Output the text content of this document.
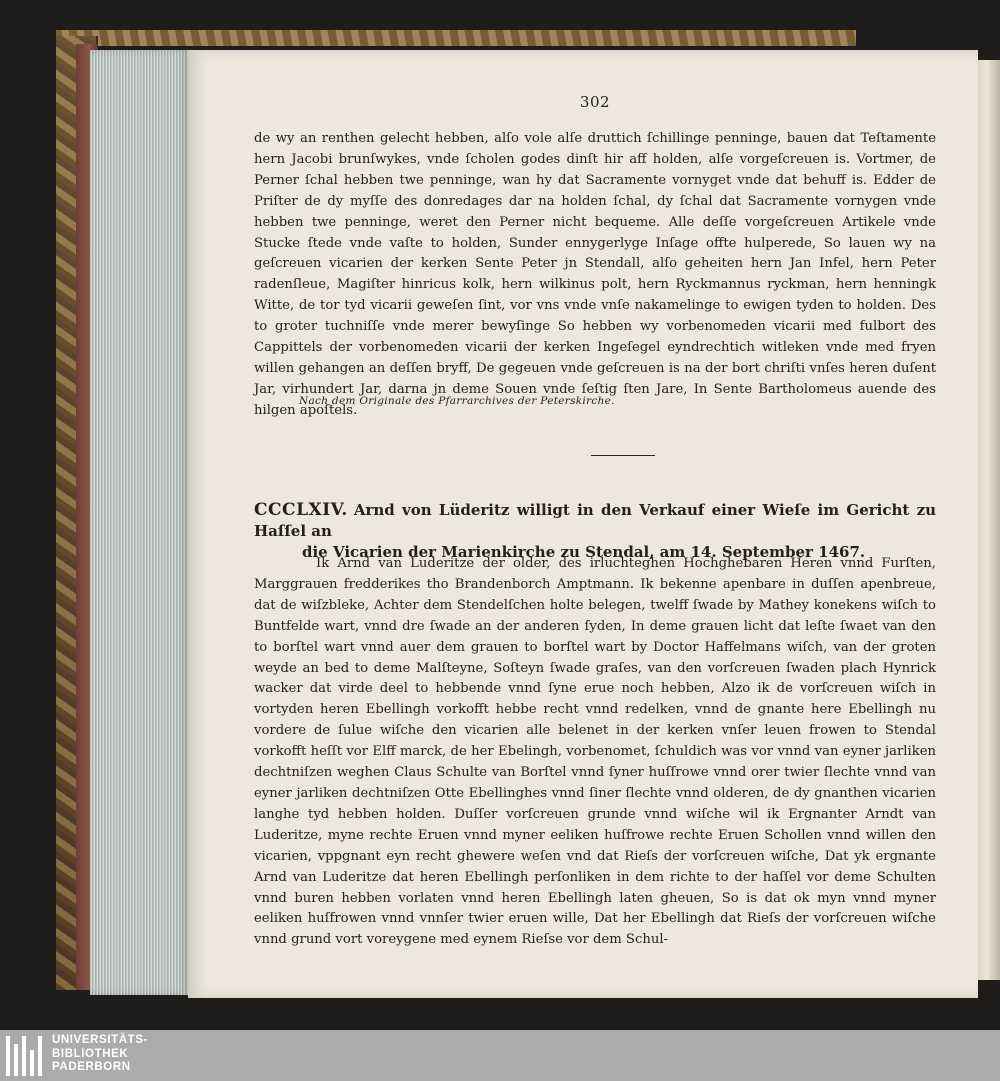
302
de wy an renthen gelecht hebben, alſo vole alſe druttich ſchillinge penninge, bauen dat Teſtamente hern Jacobi brunſwykes, vnde ſcholen godes dinſt hir aff holden, alſe vorgeſcreuen is. Vortmer, de Perner ſchal hebben twe penninge, wan hy dat Sacramente vornyget vnde dat behuff is. Edder de Priſter de dy myſſe des donredages dar na holden ſchal, dy ſchal dat Sacramente vornygen vnde hebben twe penninge, weret den Perner nicht bequeme. Alle deſſe vorgeſcreuen Artikele vnde Stucke ſtede vnde vaſte to holden, Sunder ennygerlyge Inſage offte hulperede, So lauen wy na geſcreuen vicarien der kerken Sente Peter jn Stendall, alſo geheiten hern Jan Infel, hern Peter radenſleue, Magiſter hinricus kolk, hern wilkinus polt, hern Ryckmannus ryckman, hern henningk Witte, de tor tyd vicarii geweſen ſint, vor vns vnde vnſe nakamelinge to ewigen tyden to holden. Des to groter tuchniſſe vnde merer bewyſinge So hebben wy vorbenomeden vicarii med fulbort des Cappittels der vorbenomeden vicarii der kerken Ingeſegel eyndrechtich witleken vnde med fryen willen gehangen an deſſen bryff, De gegeuen vnde geſcreuen is na der bort chriſti vnſes heren duſent Jar, virhundert Jar, darna jn deme Souen vnde ſeſtig ſten Jare, In Sente Bartholomeus auende des hilgen apoſtels.
Nach dem Originale des Pfarrarchives der Peterskirche.
CCCLXIV. Arnd von Lüderitz willigt in den Verkauf einer Wieſe im Gericht zu Haſſel an
die Vicarien der Marienkirche zu Stendal, am 14. September 1467.
Ik Arnd van Luderitze der older, des irluchteghen Hochghebaren Heren vnnd Furſten, Marggrauen fredderikes tho Brandenborch Amptmann. Ik bekenne apenbare in duſſen apenbreue, dat de wiſzbleke, Achter dem Stendelſchen holte belegen, twelff ſwade by Mathey konekens wiſch to Buntfelde wart, vnnd dre ſwade an der anderen ſyden, In deme grauen licht dat leſte ſwaet van den to borſtel wart vnnd auer dem grauen to borſtel wart by Doctor Haffelmans wiſch, van der groten weyde an bed to deme Malſteyne, Soſteyn ſwade graſes, van den vorſcreuen ſwaden plach Hynrick wacker dat virde deel to hebbende vnnd ſyne erue noch hebben, Alzo ik de vorſcreuen wiſch in vortyden heren Ebellingh vorkofft hebbe recht vnnd redelken, vnnd de gnante here Ebellingh nu vordere de ſulue wiſche den vicarien alle belenet in der kerken vnſer leuen frowen to Stendal vorkofft heſſt vor Elff marck, de her Ebelingh, vorbenomet, ſchuldich was vor vnnd van eyner jarliken dechtniſzen weghen Claus Schulte van Borſtel vnnd ſyner huſſrowe vnnd orer twier ſlechte vnnd van eyner jarliken dechtniſzen Otte Ebellinghes vnnd ſiner ſlechte vnnd olderen, de dy gnanthen vicarien langhe tyd hebben holden. Duſſer vorſcreuen grunde vnnd wiſche wil ik Ergnanter Arndt van Luderitze, myne rechte Eruen vnnd myner eeliken huſfrowe rechte Eruen Schollen vnnd willen den vicarien, vppgnant eyn recht ghewere weſen vnd dat Rieſs der vorſcreuen wiſche, Dat yk ergnante Arnd van Luderitze dat heren Ebellingh perſonliken in dem richte to der haſſel vor deme Schulten vnnd buren hebben vorlaten vnnd heren Ebellingh laten gheuen, So is dat ok myn vnnd myner eeliken huſfrowen vnnd vnnſer twier eruen wille, Dat her Ebellingh dat Rieſs der vorſcreuen wiſche vnnd grund vort voreygene med eynem Rieſse vor dem Schul-
UNIVERSITÄTS-
BIBLIOTHEK
PADERBORN
